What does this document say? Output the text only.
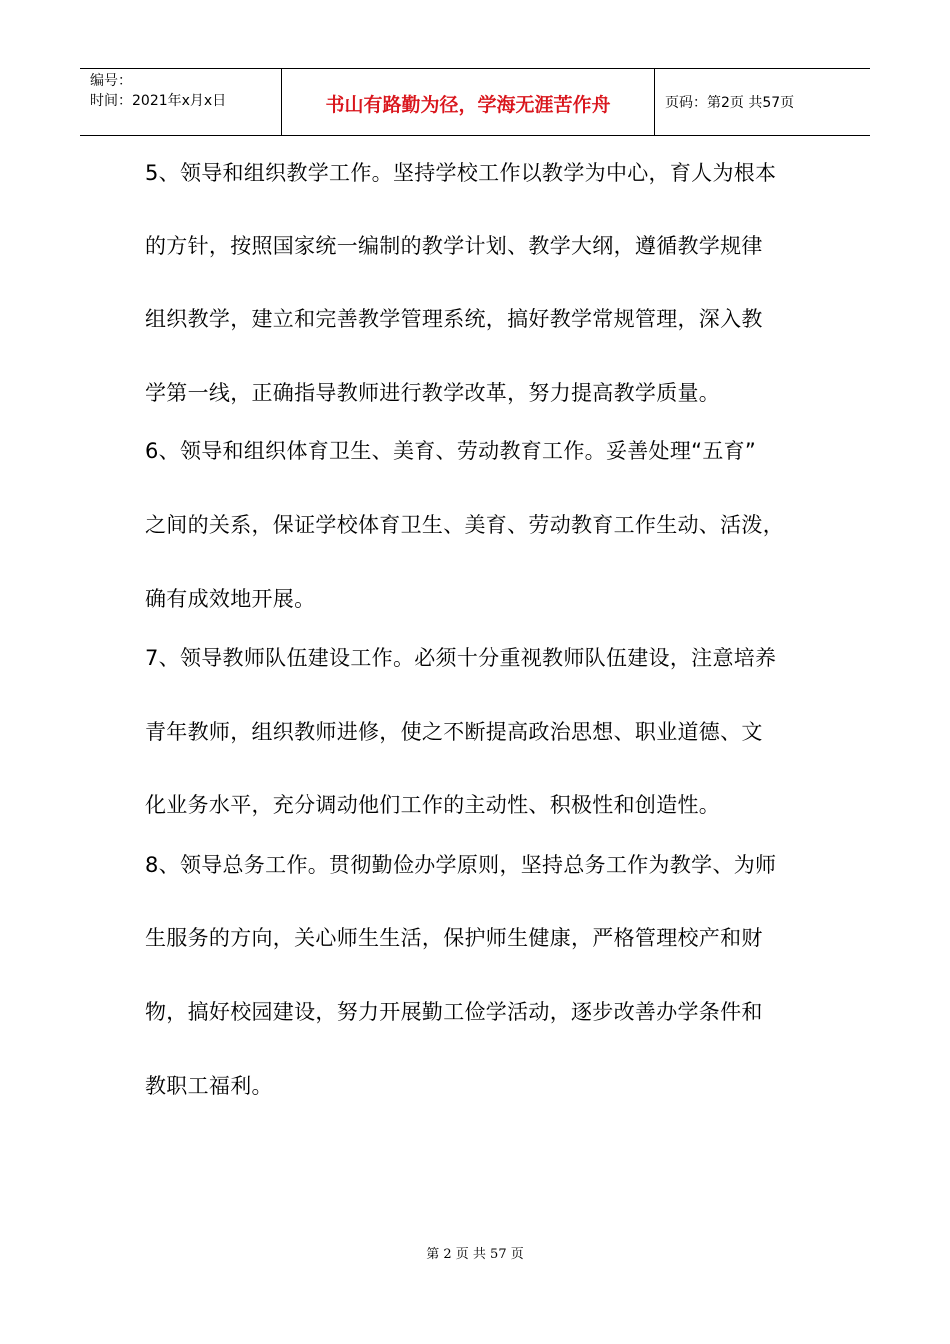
编号：
时间：2021年x月x日	书山有路勤为径，学海无涯苦作舟	页码：第2页 共57页
5、领导和组织教学工作。坚持学校工作以教学为中心，育人为根本
的方针，按照国家统一编制的教学计划、教学大纲，遵循教学规律
组织教学，建立和完善教学管理系统，搞好教学常规管理，深入教
学第一线，正确指导教师进行教学改革，努力提高教学质量。
6、领导和组织体育卫生、美育、劳动教育工作。妥善处理“五育”
之间的关系，保证学校体育卫生、美育、劳动教育工作生动、活泼，
确有成效地开展。
7、领导教师队伍建设工作。必须十分重视教师队伍建设，注意培养
青年教师，组织教师进修，使之不断提高政治思想、职业道德、文
化业务水平，充分调动他们工作的主动性、积极性和创造性。
8、领导总务工作。贯彻勤俭办学原则，坚持总务工作为教学、为师
生服务的方向，关心师生生活，保护师生健康，严格管理校产和财
物，搞好校园建设，努力开展勤工俭学活动，逐步改善办学条件和
教职工福利。
第 2 页 共 57 页
